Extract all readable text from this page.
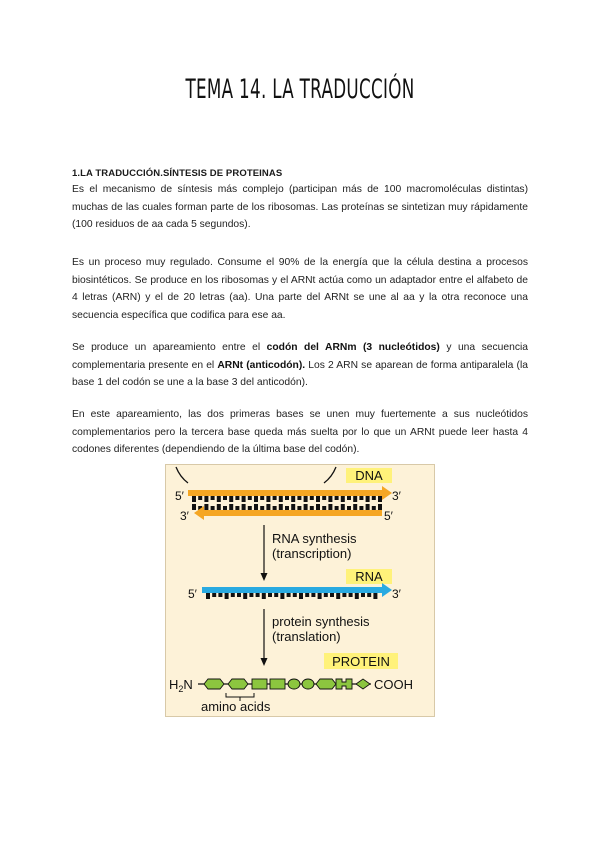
TEMA 14. LA TRADUCCIÓN
1.LA TRADUCCIÓN.SÍNTESIS DE PROTEINAS

Es el mecanismo de síntesis más complejo (participan más de 100 macromoléculas distintas) muchas de las cuales forman parte de los ribosomas. Las proteínas se sintetizan muy rápidamente (100 residuos de aa cada 5 segundos).

Es un proceso muy regulado. Consume el 90% de la energía que la célula destina a procesos biosintéticos. Se produce en los ribosomas y el ARNt actúa como un adaptador entre el alfabeto de 4 letras (ARN) y el de 20 letras (aa). Una parte del ARNt se une al aa y la otra reconoce una secuencia específica que codifica para ese aa.

Se produce un apareamiento entre el codón del ARNm (3 nucleótidos) y una secuencia complementaria presente en el ARNt (anticodón). Los 2 ARN se aparean de forma antiparalela (la base 1 del codón se une a la base 3 del anticodón).

En este apareamiento, las dos primeras bases se unen muy fuertemente a sus nucleótidos complementarios pero la tercera base queda más suelta por lo que un ARNt puede leer hasta 4 codones diferentes (dependiendo de la última base del codón).

DNA
5′	3′
3′	5′
RNA synthesis
(transcription)
RNA
5′	3′
protein synthesis
(translation)
PROTEIN
$H_2N$	COOH
amino acids
